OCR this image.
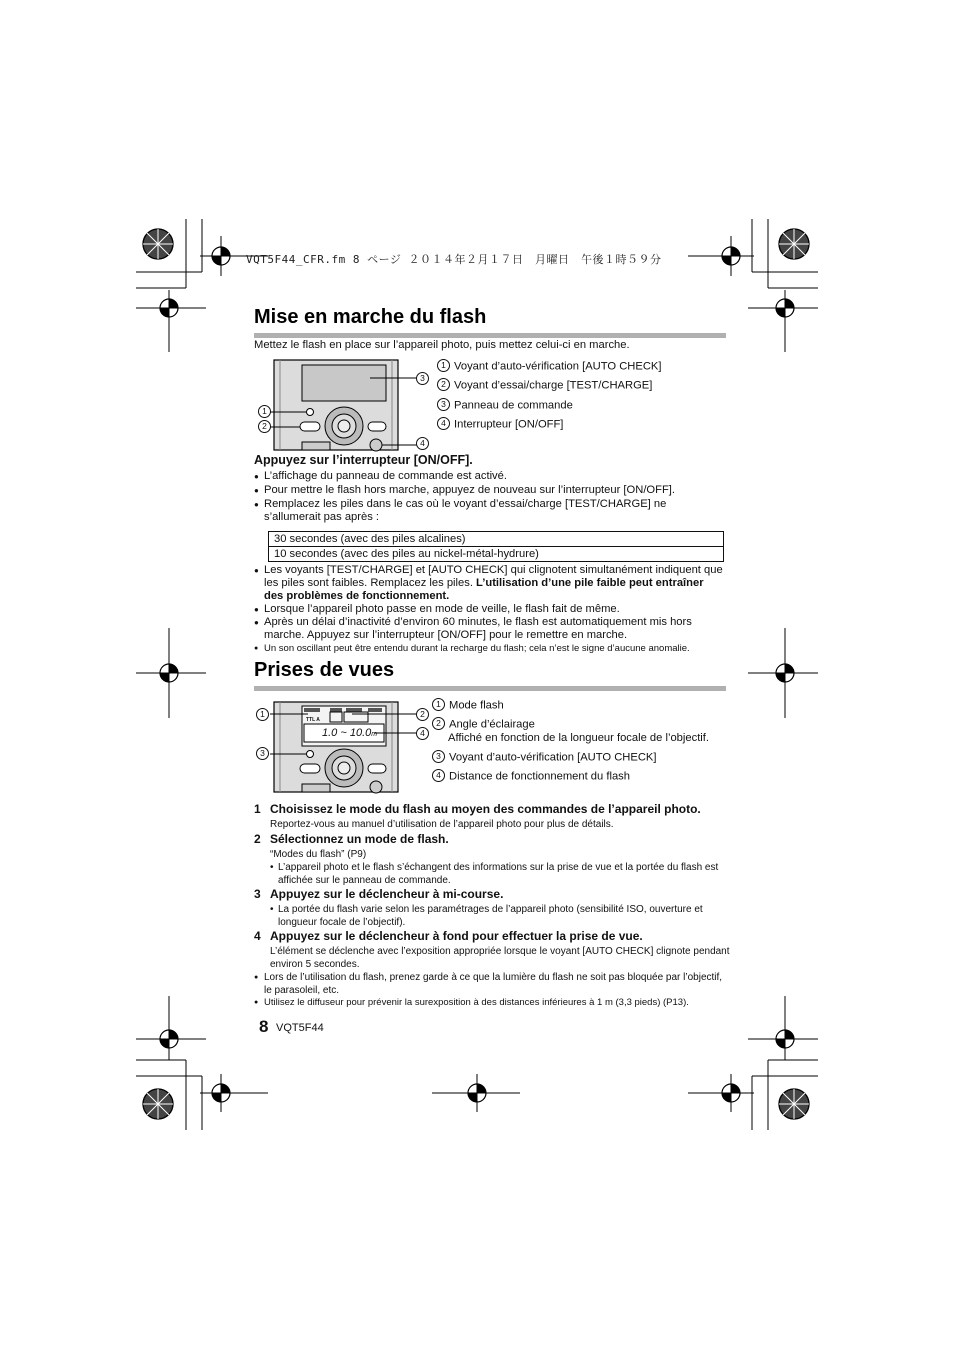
VQT5F44_CFR.fm 8 ページ ２０１４年２月１７日　月曜日　午後１時５９分
Mise en marche du flash
Mettez le flash en place sur l’appareil photo, puis mettez celui-ci en marche.
1
2
3
4
1 Voyant d’auto-vérification [AUTO CHECK]
2 Voyant d’essai/charge [TEST/CHARGE]
3 Panneau de commande
4 Interrupteur [ON/OFF]
Appuyez sur l’interrupteur [ON/OFF].
● L’affichage du panneau de commande est activé.
● Pour mettre le flash hors marche, appuyez de nouveau sur l’interrupteur [ON/OFF].
● Remplacez les piles dans le cas où le voyant d’essai/charge [TEST/CHARGE] ne s’allumerait pas après :
30 secondes (avec des piles alcalines)
10 secondes (avec des piles au nickel-métal-hydrure)
● Les voyants [TEST/CHARGE] et [AUTO CHECK] qui clignotent simultanément indiquent que les piles sont faibles. Remplacez les piles. L’utilisation d’une pile faible peut entraîner des problèmes de fonctionnement.
● Lorsque l’appareil photo passe en mode de veille, le flash fait de même.
● Après un délai d’inactivité d’environ 60 minutes, le flash est automatiquement mis hors marche. Appuyez sur l’interrupteur [ON/OFF] pour le remettre en marche.
● Un son oscillant peut être entendu durant la recharge du flash; cela n’est le signe d’aucune anomalie.
Prises de vues
TTL A
1.0 ~ 10.0m
1	2
3
4
1 Mode flash
2 Angle d’éclairage
Affiché en fonction de la longueur focale de l’objectif.
3 Voyant d’auto-vérification [AUTO CHECK]
4 Distance de fonctionnement du flash
1 Choisissez le mode du flash au moyen des commandes de l’appareil photo.
Reportez-vous au manuel d’utilisation de l’appareil photo pour plus de détails.
2 Sélectionnez un mode de flash.
“Modes du flash” (P9)
• L’appareil photo et le flash s’échangent des informations sur la prise de vue et la portée du flash est affichée sur le panneau de commande.
3 Appuyez sur le déclencheur à mi-course.
• La portée du flash varie selon les paramétrages de l’appareil photo (sensibilité ISO, ouverture et longueur focale de l’objectif).
4 Appuyez sur le déclencheur à fond pour effectuer la prise de vue.
L’élément se déclenche avec l’exposition appropriée lorsque le voyant [AUTO CHECK] clignote pendant environ 5 secondes.
● Lors de l’utilisation du flash, prenez garde à ce que la lumière du flash ne soit pas bloquée par l’objectif, le parasoleil, etc.
● Utilisez le diffuseur pour prévenir la surexposition à des distances inférieures à 1 m (3,3 pieds) (P13).
8 VQT5F44
